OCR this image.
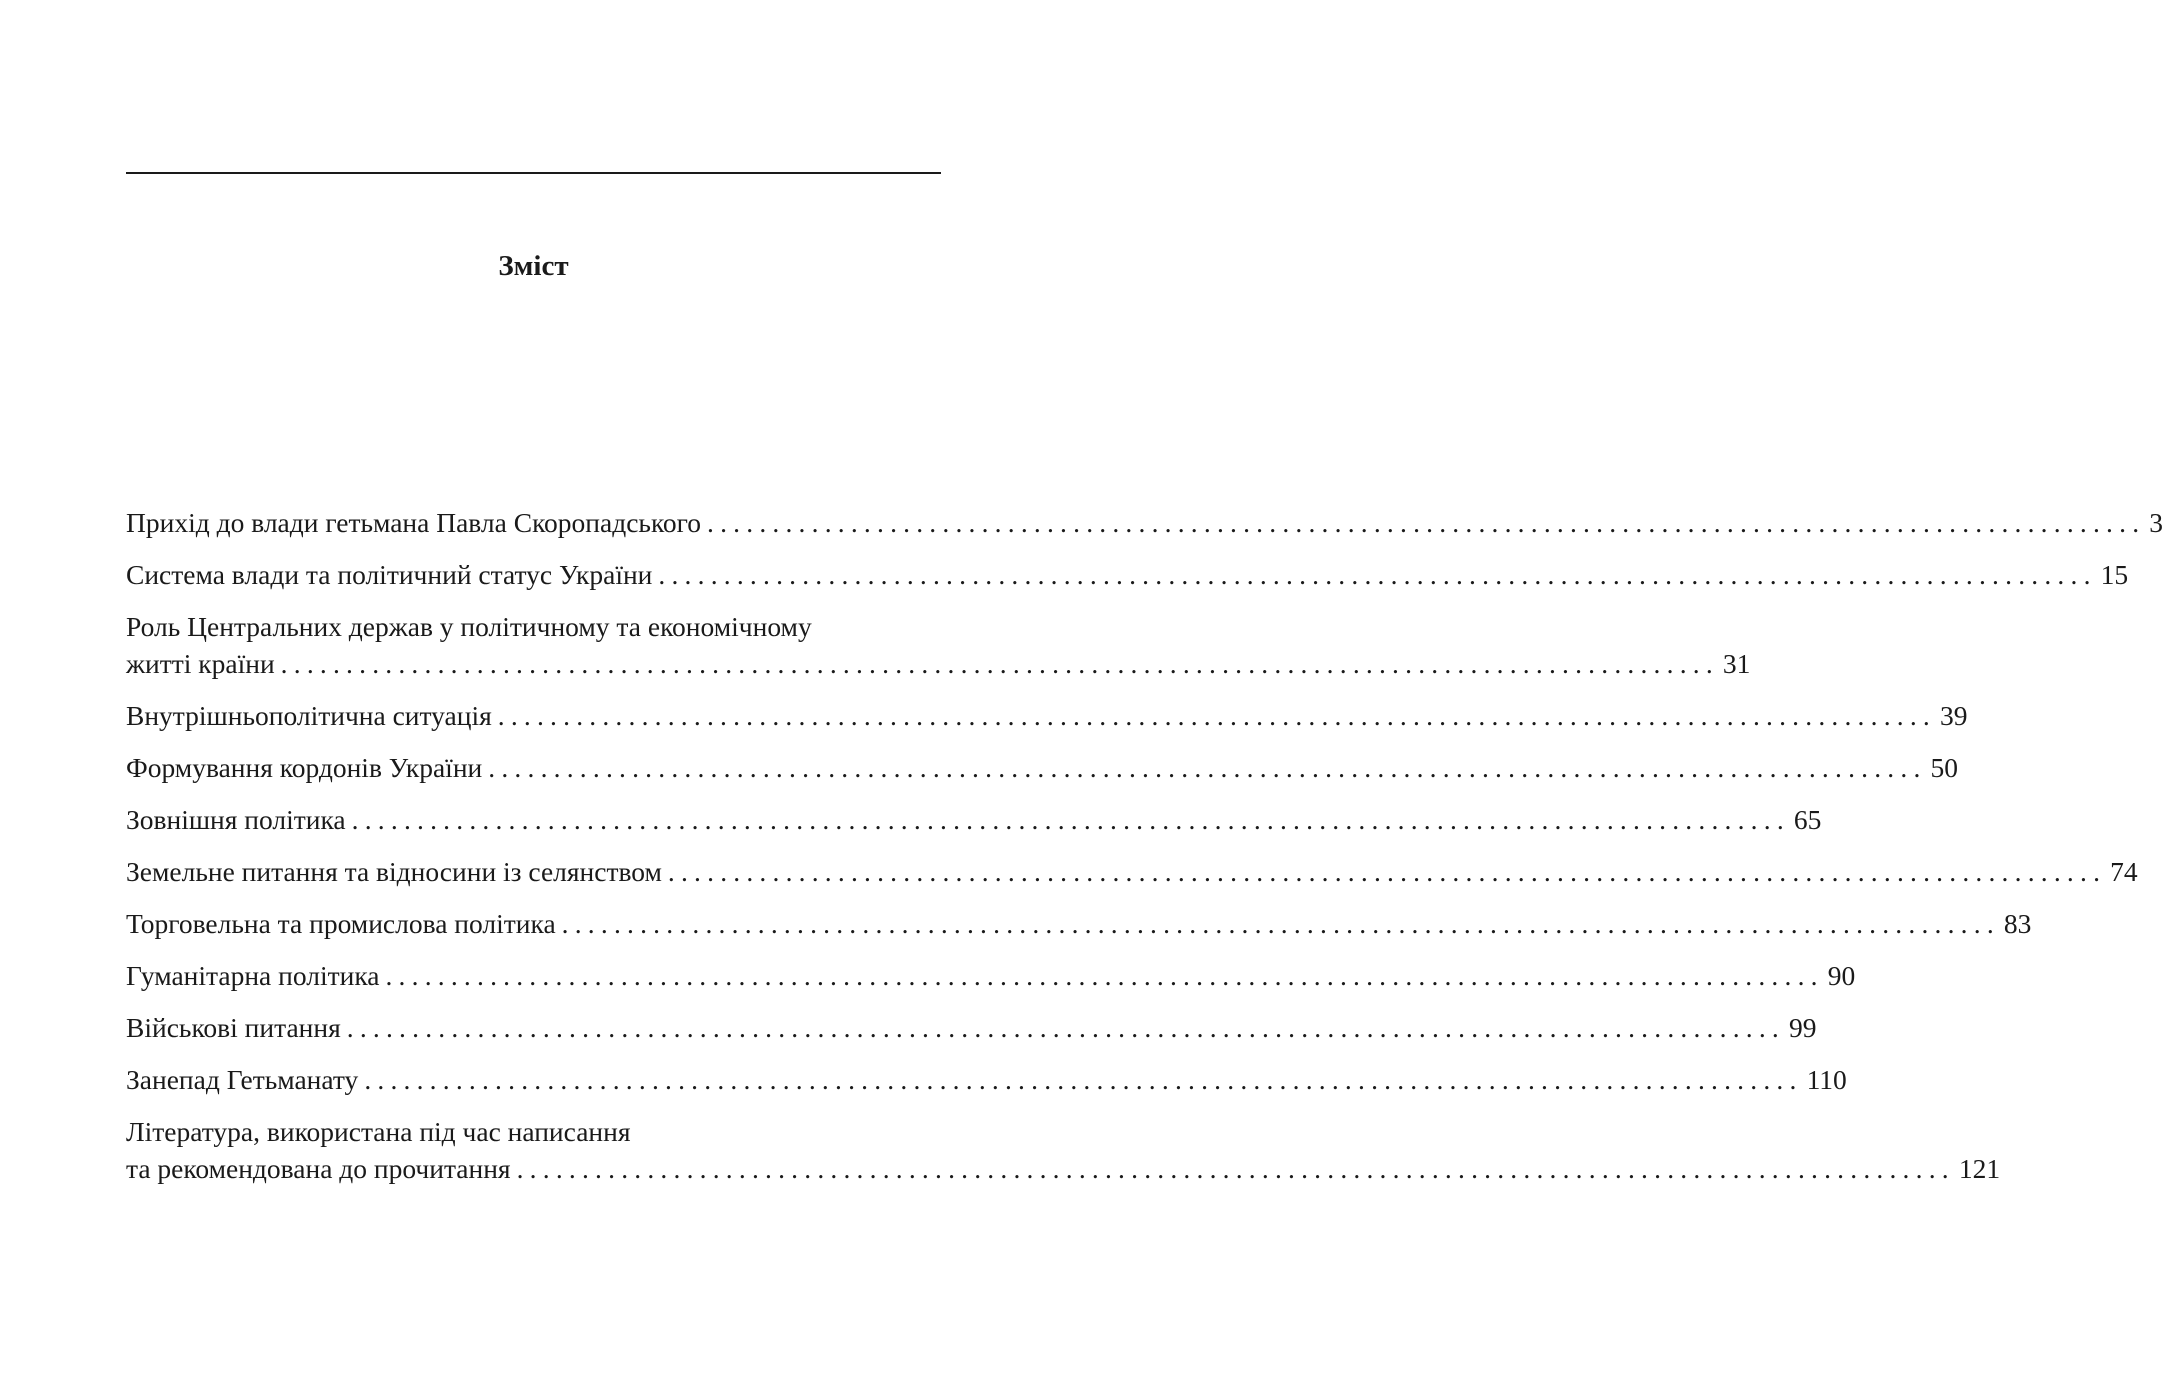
Зміст
Прихід до влади гетьмана Павла Скоропадського .............................................................................................................. 3
Система влади та політичний статус України .............................................................................................................. 15
Роль Центральних держав у політичному та економічному
житті країни .............................................................................................................. 31
Внутрішньополітична ситуація .............................................................................................................. 39
Формування кордонів України .............................................................................................................. 50
Зовнішня політика .............................................................................................................. 65
Земельне питання та відносини із селянством .............................................................................................................. 74
Торговельна та промислова політика .............................................................................................................. 83
Гуманітарна політика .............................................................................................................. 90
Військові питання .............................................................................................................. 99
Занепад Гетьманату .............................................................................................................. 110
Література, використана під час написання
та рекомендована до прочитання .............................................................................................................. 121
